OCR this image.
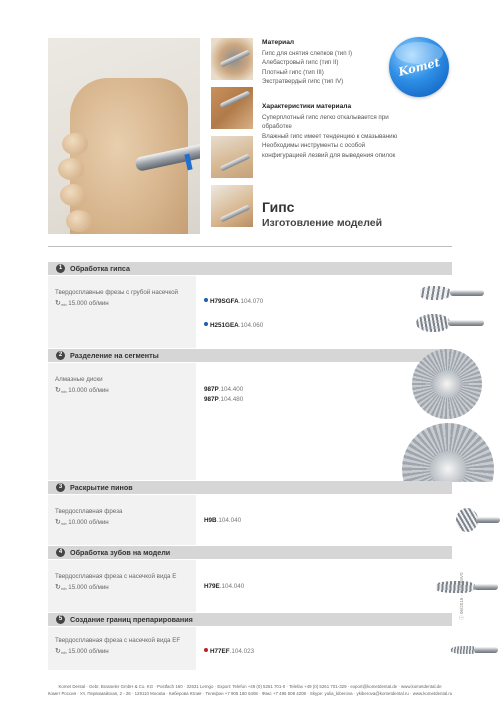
Материал

Гипс для снятия слепков (тип I)

Алебастровый гипс (тип II)

Плотный гипс (тип III)

Экстратвердый гипс (тип IV)

Характеристики материала

Суперплотный гипс легко откалывается при

обработке

Влажный гипс имеет тенденцию к смазыванию

Необходимы инструменты с особой

конфигурацией лезвий для выведения опилок

Komet
Гипс
Изготовление моделей
1	Обработка гипса
Твердосплавные фрезы с грубой насечкой
↻min 15.000 об/мин	H79SGFA.104.070
H251GEA.104.060
2	Разделение на сегменты
Алмазные диски
↻min 10.000 об/мин	987P.104.400
987P.104.480
3	Раскрытие пинов
Твердосплавная фреза
↻min 10.000 об/мин	H9B.104.040
4	Обработка зубов на модели
Твердосплавная фреза с насечкой вида E
↻min 15.000 об/мин	H79E.104.040
5	Создание границ препарирования
Твердосплавная фреза с насечкой вида EF
↻min 15.000 об/мин	H77EF.104.023
ⓘ 06/2016 · 410585V0

Komet Dental · Gebr. Brasseler GmbH & Co. KG · Postfach 160 · 32631 Lemgo · Export: Telefon +49 (0) 5261 701-0 · Telefax +49 (0) 5261 701-329 · export@kometdental.de · www.kometdental.de

Комет Россия · Ул. Первомайская, 2 - 26 · 129110 Москва · Киберова Юлия · Телефон +7 905 180 6408 · Факс +7 495 508 4208 · Skype: yulia_kiberova · ykiberova@kometdental.ru · www.kometdental.ru
